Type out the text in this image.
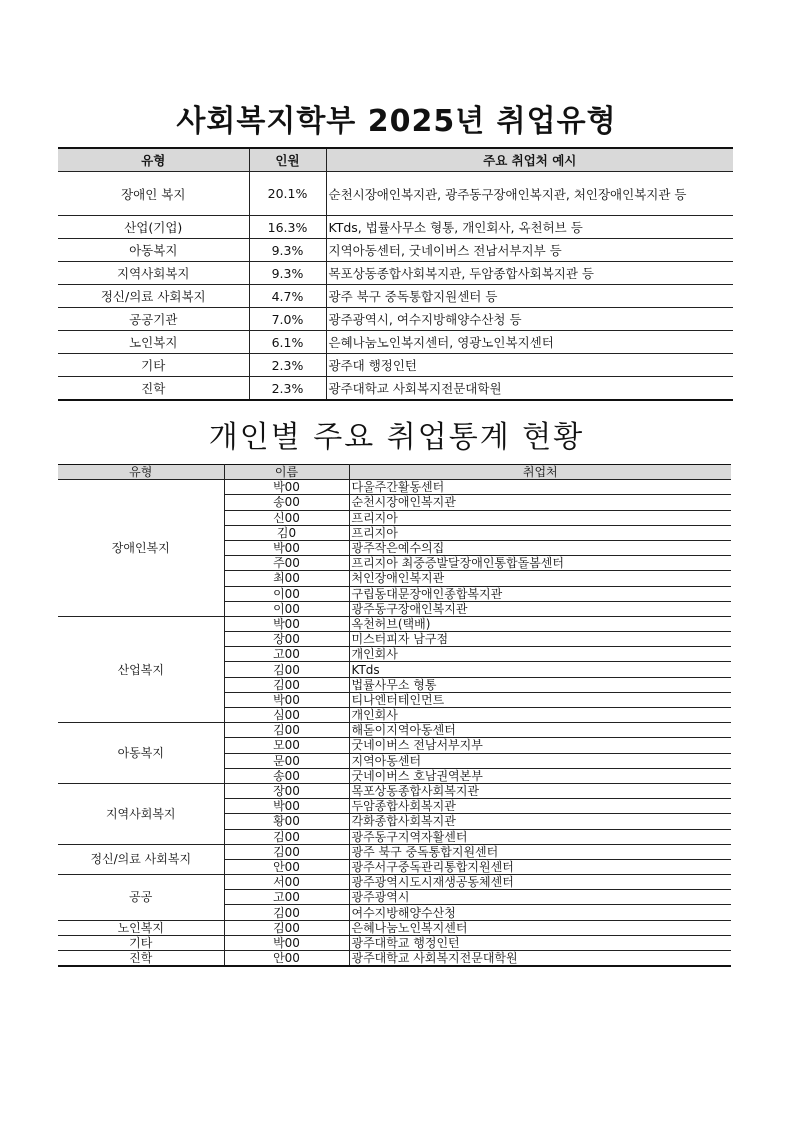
사회복지학부 2025년 취업유형
유형	인원	주요 취업처 예시
장애인 복지	20.1%	순천시장애인복지관, 광주동구장애인복지관, 처인장애인복지관 등
산업(기업)	16.3%	KTds, 법률사무소 형통, 개인회사, 옥천허브 등
아동복지	9.3%	지역아동센터, 굿네이버스 전남서부지부 등
지역사회복지	9.3%	목포상동종합사회복지관, 두암종합사회복지관 등
정신/의료 사회복지	4.7%	광주 북구 중독통합지원센터 등
공공기관	7.0%	광주광역시, 여수지방해양수산청 등
노인복지	6.1%	은혜나눔노인복지센터, 영광노인복지센터
기타	2.3%	광주대 행정인턴
진학	2.3%	광주대학교 사회복지전문대학원
개인별 주요 취업통계 현황
유형	이름	취업처
장애인복지	박00	다울주간활동센터
	송00	순천시장애인복지관
	신00	프리지아
	김0	프리지아
	박00	광주작은예수의집
	주00	프리지아 최중증발달장애인통합돌봄센터
	최00	처인장애인복지관
	이00	구립동대문장애인종합복지관
	이00	광주동구장애인복지관
산업복지	박00	옥천허브(택배)
	장00	미스터피자 남구점
	고00	개인회사
	김00	KTds
	김00	법률사무소 형통
	박00	티나엔터테인먼트
	심00	개인회사
아동복지	김00	해돋이지역아동센터
	모00	굿네이버스 전남서부지부
	문00	지역아동센터
	송00	굿네이버스 호남권역본부
지역사회복지	장00	목포상동종합사회복지관
	박00	두암종합사회복지관
	황00	각화종합사회복지관
	김00	광주동구지역자활센터
정신/의료 사회복지	김00	광주 북구 중독통합지원센터
	안00	광주서구중독관리통합지원센터
공공	서00	광주광역시도시재생공동체센터
	고00	광주광역시
	김00	여수지방해양수산청
노인복지	김00	은혜나눔노인복지센터
기타	박00	광주대학교 행정인턴
진학	안00	광주대학교 사회복지전문대학원
